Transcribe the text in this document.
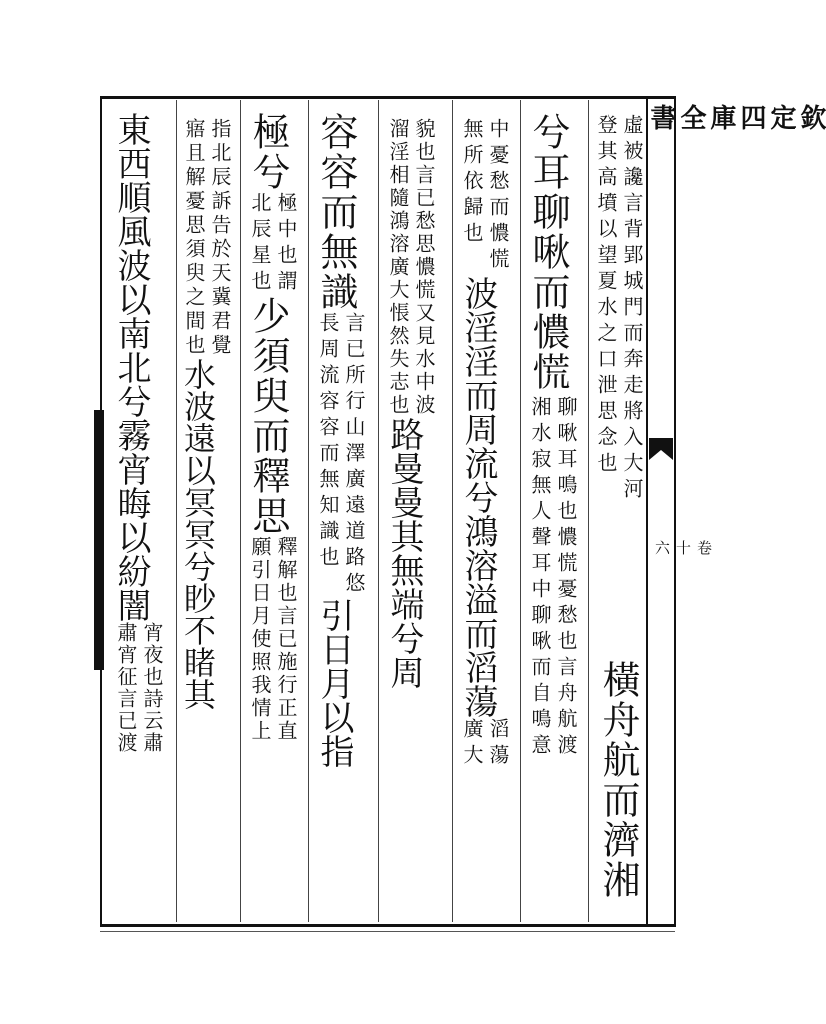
欽定四庫全書
卷十六
虛被讒言背郢城門而奔走將入大河
登其高墳以望夏水之口泄思念也
橫舟航而濟湘
兮耳聊啾而憹慌
聊啾耳鳴也憹慌憂愁也言舟航渡
湘水寂無人聲耳中聊啾而自鳴意
中憂愁而憹慌
無所依歸也
波淫淫而周流兮鴻溶溢而滔蕩
滔蕩
廣大
貌也言已愁思憹慌又見水中波
溜淫相隨鴻溶廣大悵然失志也
路曼曼其無端兮周
容容而無識
言已所行山澤廣遠道路悠
長周流容容而無知識也
引日月以指
極兮
極中也謂
北辰星也
少須臾而釋思
釋解也言已施行正直
願引日月使照我情上
指北辰訴告於天冀君覺
寤且解憂思須臾之間也
水波遠以冥冥兮眇不睹其
東西順風波以南北兮霧宵晦以紛闇
宵夜也詩云肅
肅宵征言已渡
